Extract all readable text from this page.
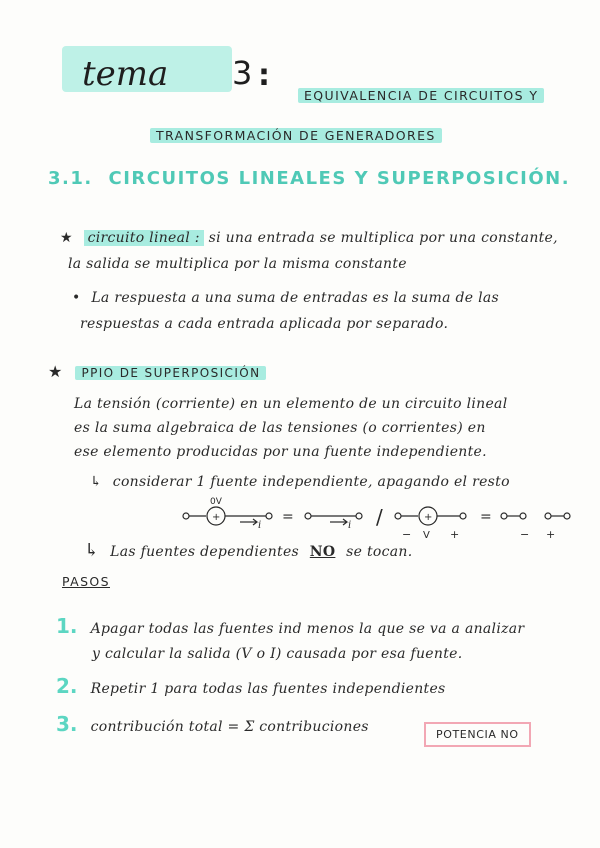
tema 3 :
EQUIVALENCIA DE CIRCUITOS Y
TRANSFORMACIÓN DE GENERADORES
3.1. CIRCUITOS LINEALES Y SUPERPOSICIÓN.
★ circuito lineal : si una entrada se multiplica por una constante,
la salida se multiplica por la misma constante
• La respuesta a una suma de entradas es la suma de las
respuestas a cada entrada aplicada por separado.
★ PPIO DE SUPERPOSICIÓN
La tensión (corriente) en un elemento de un circuito lineal
es la suma algebraica de las tensiones (o corrientes) en
ese elemento producidas por una fuente independiente.
↳ considerar 1 fuente independiente, apagando el resto
0V
+
i
=
i /
−
+
V +
=
− +
↳ Las fuentes dependientes NO se tocan.
PASOS
1. Apagar todas las fuentes ind menos la que se va a analizar
y calcular la salida (V o I) causada por esa fuente.
2. Repetir 1 para todas las fuentes independientes
3. contribución total = Σ contribuciones	POTENCIA NO
